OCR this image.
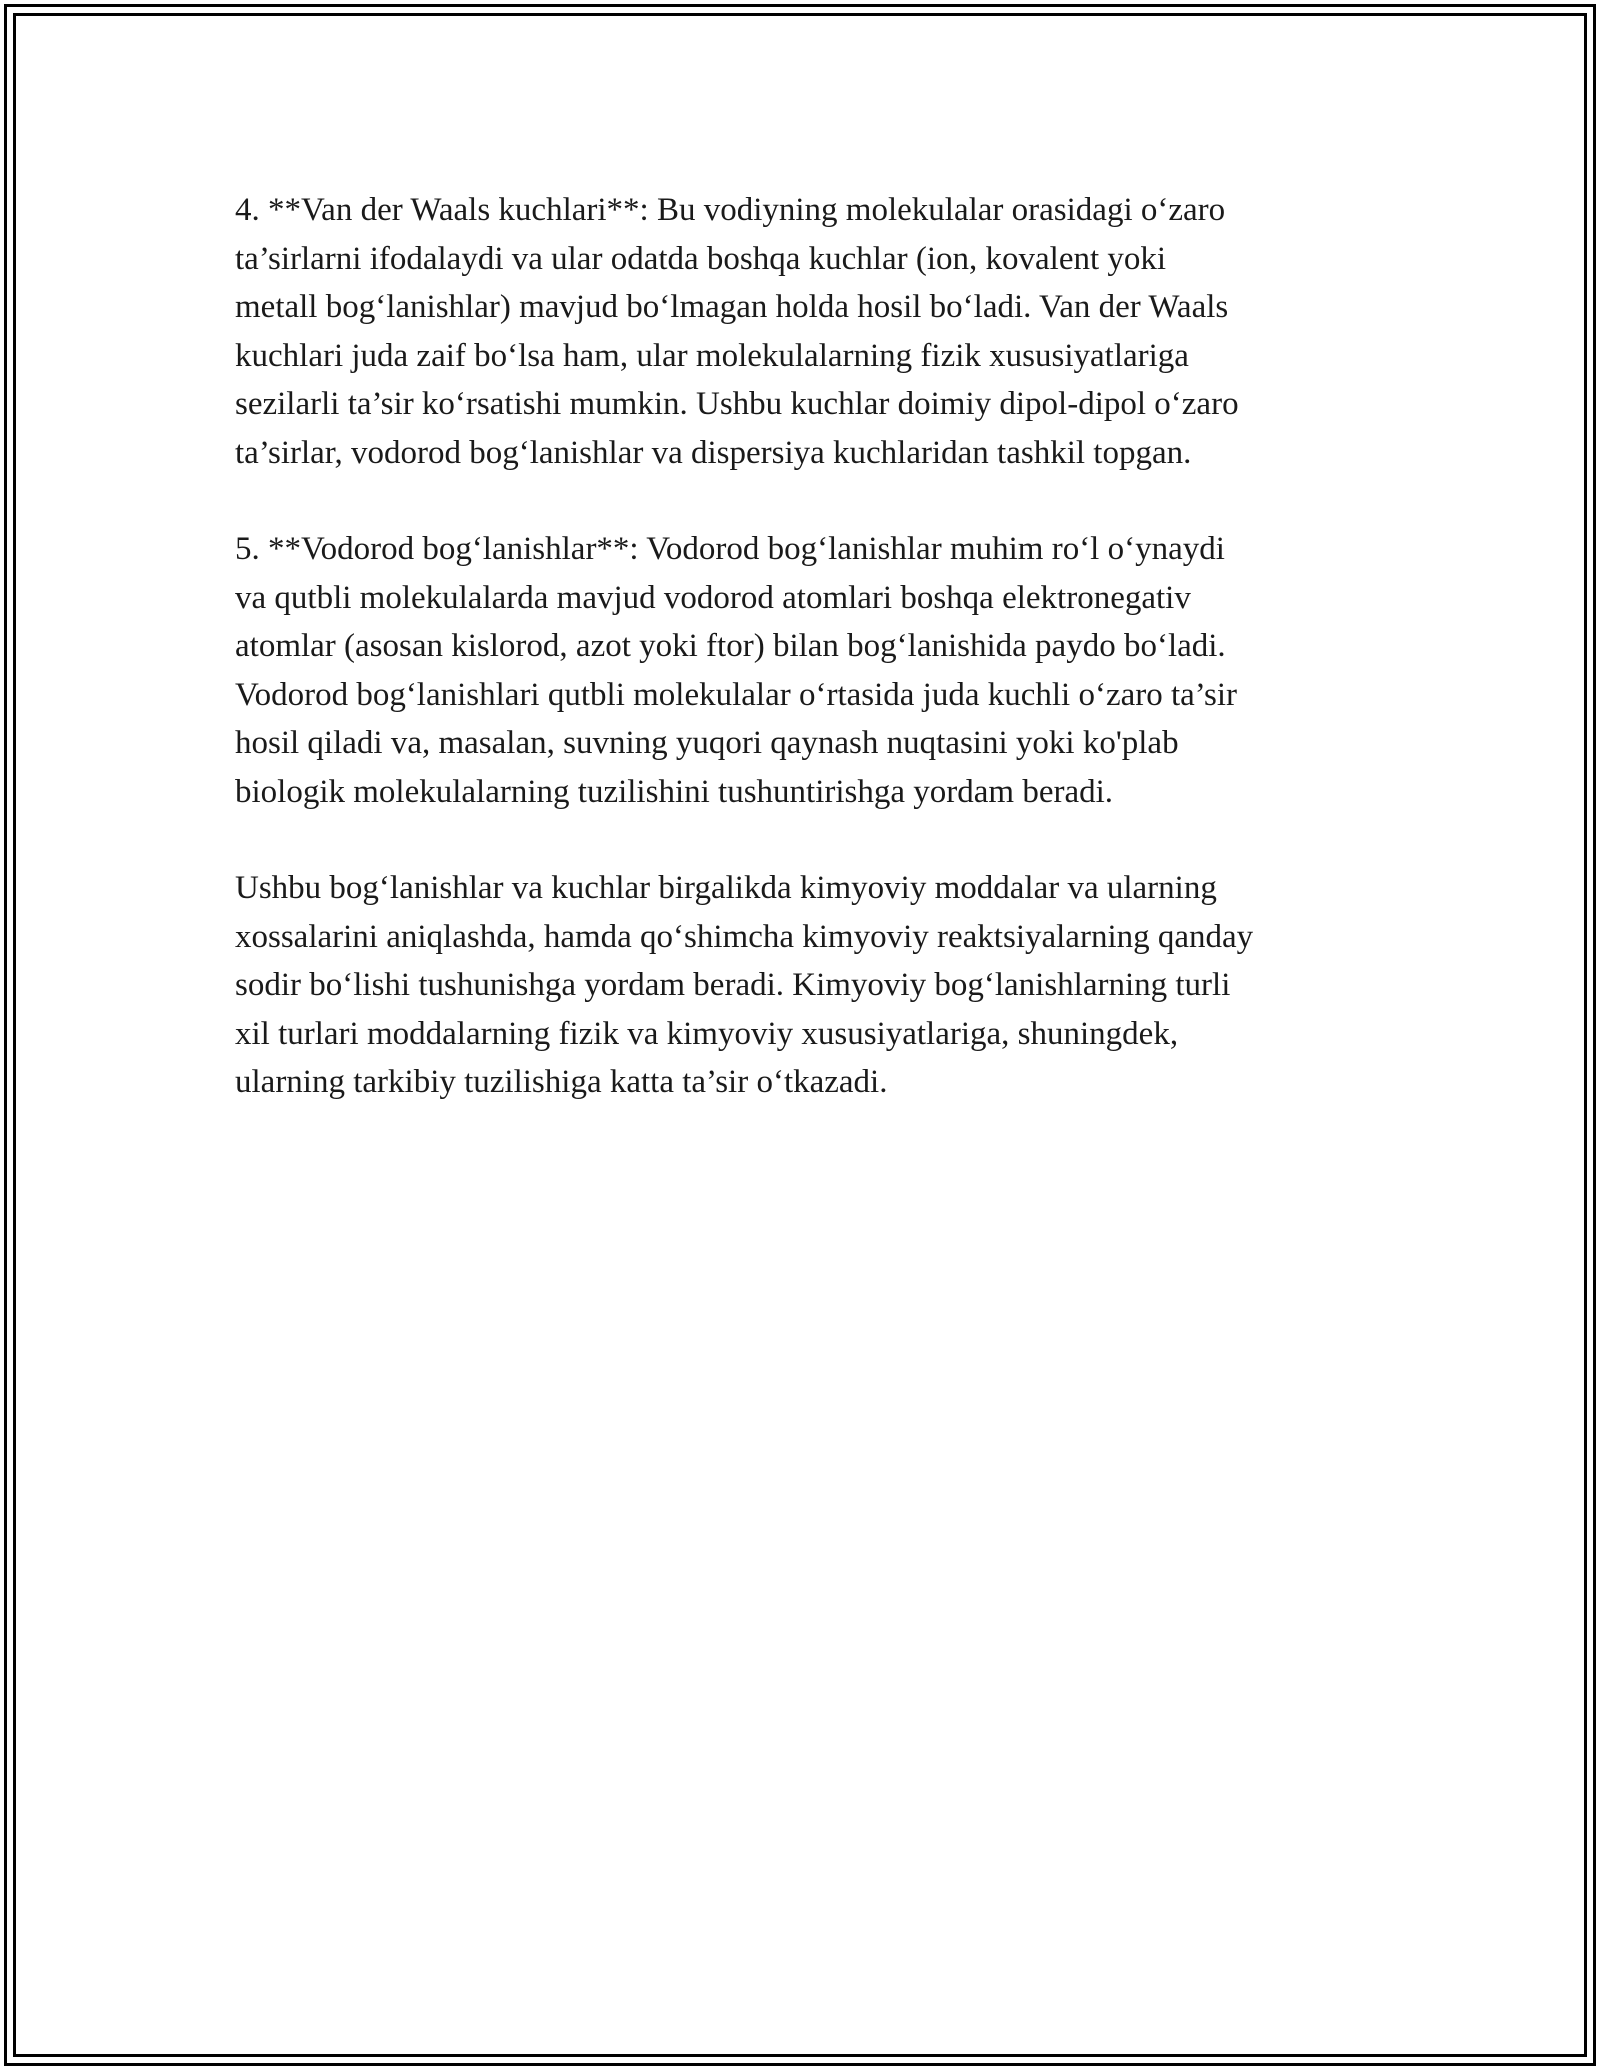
4. **Van der Waals kuchlari**: Bu vodiyning molekulalar orasidagi o‘zaro
ta’sirlarni ifodalaydi va ular odatda boshqa kuchlar (ion, kovalent yoki
metall bog‘lanishlar) mavjud bo‘lmagan holda hosil bo‘ladi. Van der Waals
kuchlari juda zaif bo‘lsa ham, ular molekulalarning fizik xususiyatlariga
sezilarli ta’sir ko‘rsatishi mumkin. Ushbu kuchlar doimiy dipol-dipol o‘zaro
ta’sirlar, vodorod bog‘lanishlar va dispersiya kuchlaridan tashkil topgan.

5. **Vodorod bog‘lanishlar**: Vodorod bog‘lanishlar muhim ro‘l o‘ynaydi
va qutbli molekulalarda mavjud vodorod atomlari boshqa elektronegativ
atomlar (asosan kislorod, azot yoki ftor) bilan bog‘lanishida paydo bo‘ladi.
Vodorod bog‘lanishlari qutbli molekulalar o‘rtasida juda kuchli o‘zaro ta’sir
hosil qiladi va, masalan, suvning yuqori qaynash nuqtasini yoki ko'plab
biologik molekulalarning tuzilishini tushuntirishga yordam beradi.

Ushbu bog‘lanishlar va kuchlar birgalikda kimyoviy moddalar va ularning
xossalarini aniqlashda, hamda qo‘shimcha kimyoviy reaktsiyalarning qanday
sodir bo‘lishi tushunishga yordam beradi. Kimyoviy bog‘lanishlarning turli
xil turlari moddalarning fizik va kimyoviy xususiyatlariga, shuningdek,
ularning tarkibiy tuzilishiga katta ta’sir o‘tkazadi.
